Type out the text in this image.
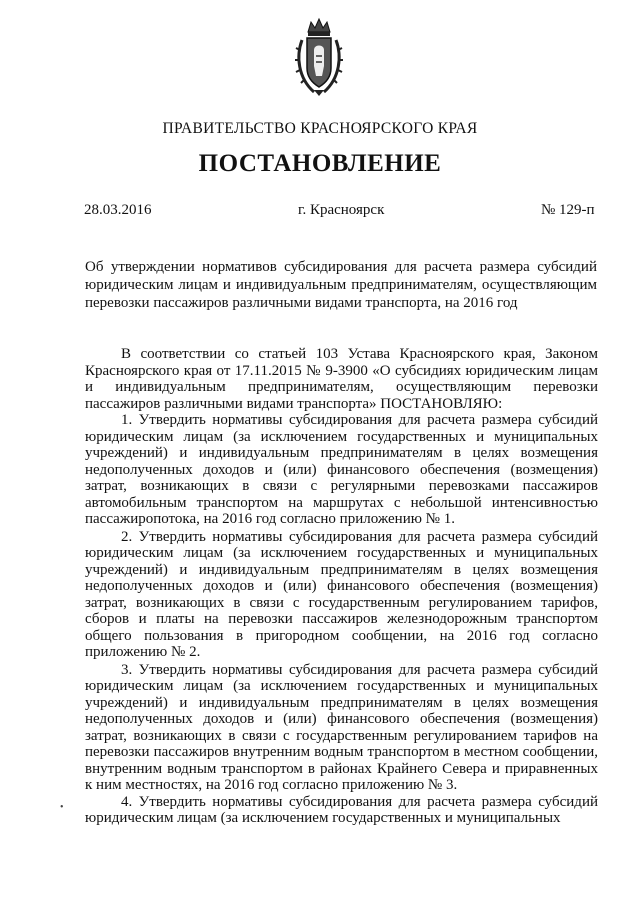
ПРАВИТЕЛЬСТВО КРАСНОЯРСКОГО КРАЯ
ПОСТАНОВЛЕНИЕ
28.03.2016	г. Красноярск	№ 129-п
Об утверждении нормативов субсидирования для расчета размера субсидий юридическим лицам и индивидуальным предпринимателям, осуществляющим перевозки пассажиров различными видами транспорта, на 2016 год

В соответствии со статьей 103 Устава Красноярского края, Законом Красноярского края от 17.11.2015 № 9-3900 «О субсидиях юридическим лицам и индивидуальным предпринимателям, осуществляющим перевозки пассажиров различными видами транспорта» ПОСТАНОВЛЯЮ:

1. Утвердить нормативы субсидирования для расчета размера субсидий юридическим лицам (за исключением государственных и муниципальных учреждений) и индивидуальным предпринимателям в целях возмещения недополученных доходов и (или) финансового обеспечения (возмещения) затрат, возникающих в связи с регулярными перевозками пассажиров автомобильным транспортом на маршрутах с небольшой интенсивностью пассажиропотока, на 2016 год согласно приложению № 1.

2. Утвердить нормативы субсидирования для расчета размера субсидий юридическим лицам (за исключением государственных и муниципальных учреждений) и индивидуальным предпринимателям в целях возмещения недополученных доходов и (или) финансового обеспечения (возмещения) затрат, возникающих в связи с государственным регулированием тарифов, сборов и платы на перевозки пассажиров железнодорожным транспортом общего пользования в пригородном сообщении, на 2016 год согласно приложению № 2.

3. Утвердить нормативы субсидирования для расчета размера субсидий юридическим лицам (за исключением государственных и муниципальных учреждений) и индивидуальным предпринимателям в целях возмещения недополученных доходов и (или) финансового обеспечения (возмещения) затрат, возникающих в связи с государственным регулированием тарифов на перевозки пассажиров внутренним водным транспортом в местном сообщении, внутренним водным транспортом в районах Крайнего Севера и приравненных к ним местностях, на 2016 год согласно приложению № 3.

4. Утвердить нормативы субсидирования для расчета размера субсидий юридическим лицам (за исключением государственных и муниципальных

•
